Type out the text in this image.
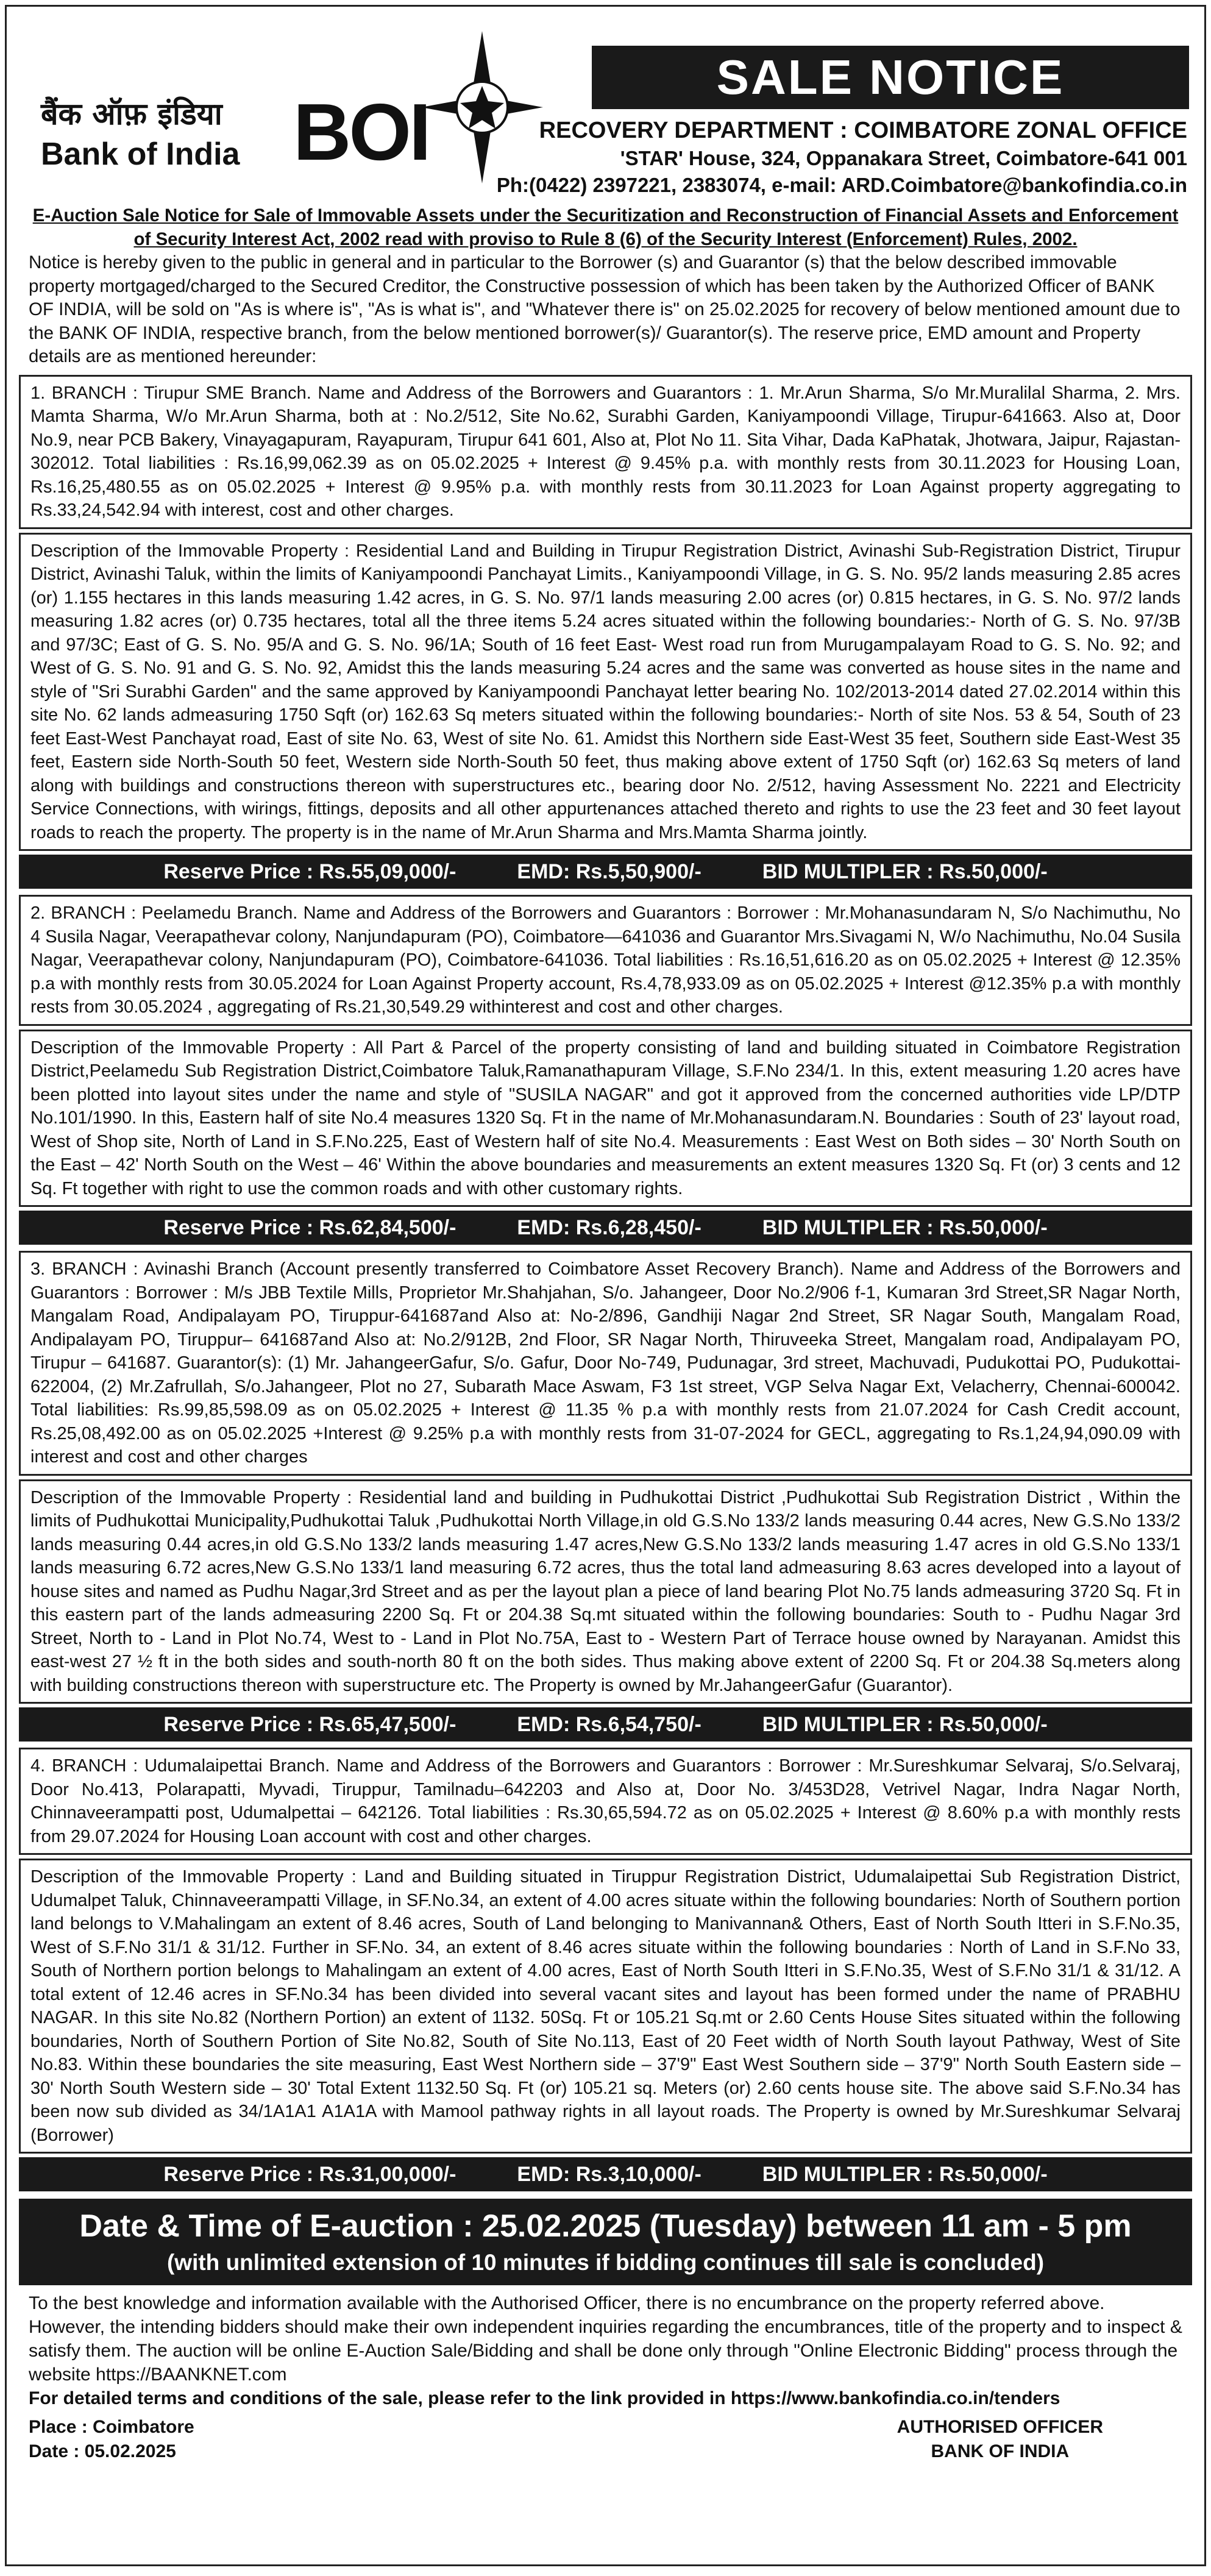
बैंक ऑफ़ इंडिया
Bank of India BOI
SALE NOTICE
RECOVERY DEPARTMENT : COIMBATORE ZONAL OFFICE
'STAR' House, 324, Oppanakara Street, Coimbatore-641 001
Ph:(0422) 2397221, 2383074, e-mail: ARD.Coimbatore@bankofindia.co.in
E-Auction Sale Notice for Sale of Immovable Assets under the Securitization and Reconstruction of Financial Assets and Enforcement of Security Interest Act, 2002 read with proviso to Rule 8 (6) of the Security Interest (Enforcement) Rules, 2002.

Notice is hereby given to the public in general and in particular to the Borrower (s) and Guarantor (s) that the below described immovable property mortgaged/charged to the Secured Creditor, the Constructive possession of which has been taken by the Authorized Officer of BANK OF INDIA, will be sold on "As is where is", "As is what is", and "Whatever there is" on 25.02.2025 for recovery of below mentioned amount due to the BANK OF INDIA, respective branch, from the below mentioned borrower(s)/ Guarantor(s). The reserve price, EMD amount and Property details are as mentioned hereunder:

1. BRANCH : Tirupur SME Branch. Name and Address of the Borrowers and Guarantors : 1. Mr.Arun Sharma, S/o Mr.Muralilal Sharma, 2. Mrs. Mamta Sharma, W/o Mr.Arun Sharma, both at : No.2/512, Site No.62, Surabhi Garden, Kaniyampoondi Village, Tirupur-641663. Also at, Door No.9, near PCB Bakery, Vinayagapuram, Rayapuram, Tirupur 641 601, Also at, Plot No 11. Sita Vihar, Dada KaPhatak, Jhotwara, Jaipur, Rajastan-302012. Total liabilities : Rs.16,99,062.39 as on 05.02.2025 + Interest @ 9.45% p.a. with monthly rests from 30.11.2023 for Housing Loan, Rs.16,25,480.55 as on 05.02.2025 + Interest @ 9.95% p.a. with monthly rests from 30.11.2023 for Loan Against property aggregating to Rs.33,24,542.94 with interest, cost and other charges.

Description of the Immovable Property : Residential Land and Building in Tirupur Registration District, Avinashi Sub-Registration District, Tirupur District, Avinashi Taluk, within the limits of Kaniyampoondi Panchayat Limits., Kaniyampoondi Village, in G. S. No. 95/2 lands measuring 2.85 acres (or) 1.155 hectares in this lands measuring 1.42 acres, in G. S. No. 97/1 lands measuring 2.00 acres (or) 0.815 hectares, in G. S. No. 97/2 lands measuring 1.82 acres (or) 0.735 hectares, total all the three items 5.24 acres situated within the following boundaries:- North of G. S. No. 97/3B and 97/3C; East of G. S. No. 95/A and G. S. No. 96/1A; South of 16 feet East- West road run from Murugampalayam Road to G. S. No. 92; and West of G. S. No. 91 and G. S. No. 92, Amidst this the lands measuring 5.24 acres and the same was converted as house sites in the name and style of "Sri Surabhi Garden" and the same approved by Kaniyampoondi Panchayat letter bearing No. 102/2013-2014 dated 27.02.2014 within this site No. 62 lands admeasuring 1750 Sqft (or) 162.63 Sq meters situated within the following boundaries:- North of site Nos. 53 & 54, South of 23 feet East-West Panchayat road, East of site No. 63, West of site No. 61. Amidst this Northern side East-West 35 feet, Southern side East-West 35 feet, Eastern side North-South 50 feet, Western side North-South 50 feet, thus making above extent of 1750 Sqft (or) 162.63 Sq meters of land along with buildings and constructions thereon with superstructures etc., bearing door No. 2/512, having Assessment No. 2221 and Electricity Service Connections, with wirings, fittings, deposits and all other appurtenances attached thereto and rights to use the 23 feet and 30 feet layout roads to reach the property. The property is in the name of Mr.Arun Sharma and Mrs.Mamta Sharma jointly.

Reserve Price : Rs.55,09,000/-	EMD: Rs.5,50,900/-	BID MULTIPLER : Rs.50,000/-

2. BRANCH : Peelamedu Branch. Name and Address of the Borrowers and Guarantors : Borrower : Mr.Mohanasundaram N, S/o Nachimuthu, No 4 Susila Nagar, Veerapathevar colony, Nanjundapuram (PO), Coimbatore—641036 and Guarantor Mrs.Sivagami N, W/o Nachimuthu, No.04 Susila Nagar, Veerapathevar colony, Nanjundapuram (PO), Coimbatore-641036. Total liabilities : Rs.16,51,616.20 as on 05.02.2025 + Interest @ 12.35% p.a with monthly rests from 30.05.2024 for Loan Against Property account, Rs.4,78,933.09 as on 05.02.2025 + Interest @12.35% p.a with monthly rests from 30.05.2024 , aggregating of Rs.21,30,549.29 withinterest and cost and other charges.

Description of the Immovable Property : All Part & Parcel of the property consisting of land and building situated in Coimbatore Registration District,Peelamedu Sub Registration District,Coimbatore Taluk,Ramanathapuram Village, S.F.No 234/1. In this, extent measuring 1.20 acres have been plotted into layout sites under the name and style of "SUSILA NAGAR" and got it approved from the concerned authorities vide LP/DTP No.101/1990. In this, Eastern half of site No.4 measures 1320 Sq. Ft in the name of Mr.Mohanasundaram.N. Boundaries : South of 23' layout road, West of Shop site, North of Land in S.F.No.225, East of Western half of site No.4. Measurements : East West on Both sides – 30' North South on the East – 42' North South on the West – 46' Within the above boundaries and measurements an extent measures 1320 Sq. Ft (or) 3 cents and 12 Sq. Ft together with right to use the common roads and with other customary rights.

Reserve Price : Rs.62,84,500/-	EMD: Rs.6,28,450/-	BID MULTIPLER : Rs.50,000/-

3. BRANCH : Avinashi Branch (Account presently transferred to Coimbatore Asset Recovery Branch). Name and Address of the Borrowers and Guarantors : Borrower : M/s JBB Textile Mills, Proprietor Mr.Shahjahan, S/o. Jahangeer, Door No.2/906 f-1, Kumaran 3rd Street,SR Nagar North, Mangalam Road, Andipalayam PO, Tiruppur-641687and Also at: No-2/896, Gandhiji Nagar 2nd Street, SR Nagar South, Mangalam Road, Andipalayam PO, Tiruppur– 641687and Also at: No.2/912B, 2nd Floor, SR Nagar North, Thiruveeka Street, Mangalam road, Andipalayam PO, Tirupur – 641687. Guarantor(s): (1) Mr. JahangeerGafur, S/o. Gafur, Door No-749, Pudunagar, 3rd street, Machuvadi, Pudukottai PO, Pudukottai-622004, (2) Mr.Zafrullah, S/o.Jahangeer, Plot no 27, Subarath Mace Aswam, F3 1st street, VGP Selva Nagar Ext, Velacherry, Chennai-600042. Total liabilities: Rs.99,85,598.09 as on 05.02.2025 + Interest @ 11.35 % p.a with monthly rests from 21.07.2024 for Cash Credit account, Rs.25,08,492.00 as on 05.02.2025 +Interest @ 9.25% p.a with monthly rests from 31-07-2024 for GECL, aggregating to Rs.1,24,94,090.09 with interest and cost and other charges

Description of the Immovable Property : Residential land and building in Pudhukottai District ,Pudhukottai Sub Registration District , Within the limits of Pudhukottai Municipality,Pudhukottai Taluk ,Pudhukottai North Village,in old G.S.No 133/2 lands measuring 0.44 acres, New G.S.No 133/2 lands measuring 0.44 acres,in old G.S.No 133/2 lands measuring 1.47 acres,New G.S.No 133/2 lands measuring 1.47 acres in old G.S.No 133/1 lands measuring 6.72 acres,New G.S.No 133/1 land measuring 6.72 acres, thus the total land admeasuring 8.63 acres developed into a layout of house sites and named as Pudhu Nagar,3rd Street and as per the layout plan a piece of land bearing Plot No.75 lands admeasuring 3720 Sq. Ft in this eastern part of the lands admeasuring 2200 Sq. Ft or 204.38 Sq.mt situated within the following boundaries: South to - Pudhu Nagar 3rd Street, North to - Land in Plot No.74, West to - Land in Plot No.75A, East to - Western Part of Terrace house owned by Narayanan. Amidst this east-west 27 ½ ft in the both sides and south-north 80 ft on the both sides. Thus making above extent of 2200 Sq. Ft or 204.38 Sq.meters along with building constructions thereon with superstructure etc. The Property is owned by Mr.JahangeerGafur (Guarantor).

Reserve Price : Rs.65,47,500/-	EMD: Rs.6,54,750/-	BID MULTIPLER : Rs.50,000/-

4. BRANCH : Udumalaipettai Branch. Name and Address of the Borrowers and Guarantors : Borrower : Mr.Sureshkumar Selvaraj, S/o.Selvaraj, Door No.413, Polarapatti, Myvadi, Tiruppur, Tamilnadu–642203 and Also at, Door No. 3/453D28, Vetrivel Nagar, Indra Nagar North, Chinnaveerampatti post, Udumalpettai – 642126. Total liabilities : Rs.30,65,594.72 as on 05.02.2025 + Interest @ 8.60% p.a with monthly rests from 29.07.2024 for Housing Loan account with cost and other charges.

Description of the Immovable Property : Land and Building situated in Tiruppur Registration District, Udumalaipettai Sub Registration District, Udumalpet Taluk, Chinnaveerampatti Village, in SF.No.34, an extent of 4.00 acres situate within the following boundaries: North of Southern portion land belongs to V.Mahalingam an extent of 8.46 acres, South of Land belonging to Manivannan& Others, East of North South Itteri in S.F.No.35, West of S.F.No 31/1 & 31/12. Further in SF.No. 34, an extent of 8.46 acres situate within the following boundaries : North of Land in S.F.No 33, South of Northern portion belongs to Mahalingam an extent of 4.00 acres, East of North South Itteri in S.F.No.35, West of S.F.No 31/1 & 31/12. A total extent of 12.46 acres in SF.No.34 has been divided into several vacant sites and layout has been formed under the name of PRABHU NAGAR. In this site No.82 (Northern Portion) an extent of 1132. 50Sq. Ft or 105.21 Sq.mt or 2.60 Cents House Sites situated within the following boundaries, North of Southern Portion of Site No.82, South of Site No.113, East of 20 Feet width of North South layout Pathway, West of Site No.83. Within these boundaries the site measuring, East West Northern side – 37'9" East West Southern side – 37'9" North South Eastern side – 30' North South Western side – 30' Total Extent 1132.50 Sq. Ft (or) 105.21 sq. Meters (or) 2.60 cents house site. The above said S.F.No.34 has been now sub divided as 34/1A1A1 A1A1A with Mamool pathway rights in all layout roads. The Property is owned by Mr.Sureshkumar Selvaraj (Borrower)

Reserve Price : Rs.31,00,000/-	EMD: Rs.3,10,000/-	BID MULTIPLER : Rs.50,000/-
Date & Time of E-auction : 25.02.2025 (Tuesday) between 11 am - 5 pm
(with unlimited extension of 10 minutes if bidding continues till sale is concluded)

To the best knowledge and information available with the Authorised Officer, there is no encumbrance on the property referred above. However, the intending bidders should make their own independent inquiries regarding the encumbrances, title of the property and to inspect & satisfy them. The auction will be online E-Auction Sale/Bidding and shall be done only through "Online Electronic Bidding" process through the website https://BAANKNET.com

For detailed terms and conditions of the sale, please refer to the link provided in https://www.bankofindia.co.in/tenders

Place : Coimbatore
Date : 05.02.2025
AUTHORISED OFFICER
BANK OF INDIA
